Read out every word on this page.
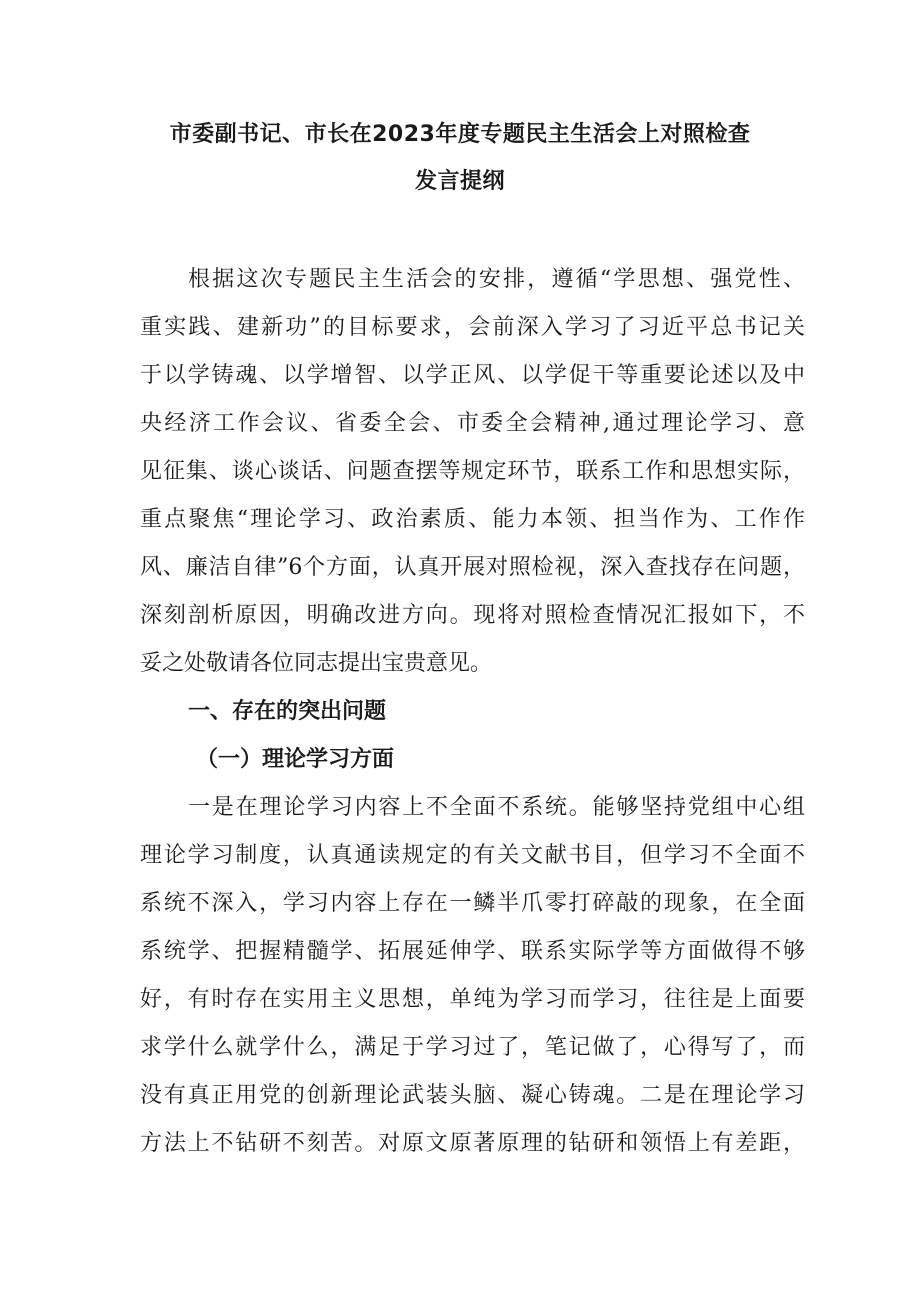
市委副书记、市长在2023年度专题民主生活会上对照检查
发言提纲
根据这次专题民主生活会的安排，遵循“学思想、强党性、
重实践、建新功”的目标要求，会前深入学习了习近平总书记关
于以学铸魂、以学增智、以学正风、以学促干等重要论述以及中
央经济工作会议、省委全会、市委全会精神,通过理论学习、意
见征集、谈心谈话、问题查摆等规定环节，联系工作和思想实际，
重点聚焦“理论学习、政治素质、能力本领、担当作为、工作作
风、廉洁自律”6个方面，认真开展对照检视，深入查找存在问题，
深刻剖析原因，明确改进方向。现将对照检查情况汇报如下，不
妥之处敬请各位同志提出宝贵意见。
一、存在的突出问题
（一）理论学习方面
一是在理论学习内容上不全面不系统。能够坚持党组中心组
理论学习制度，认真通读规定的有关文献书目，但学习不全面不
系统不深入，学习内容上存在一鳞半爪零打碎敲的现象，在全面
系统学、把握精髓学、拓展延伸学、联系实际学等方面做得不够
好，有时存在实用主义思想，单纯为学习而学习，往往是上面要
求学什么就学什么，满足于学习过了，笔记做了，心得写了，而
没有真正用党的创新理论武装头脑、凝心铸魂。二是在理论学习
方法上不钻研不刻苦。对原文原著原理的钻研和领悟上有差距，
